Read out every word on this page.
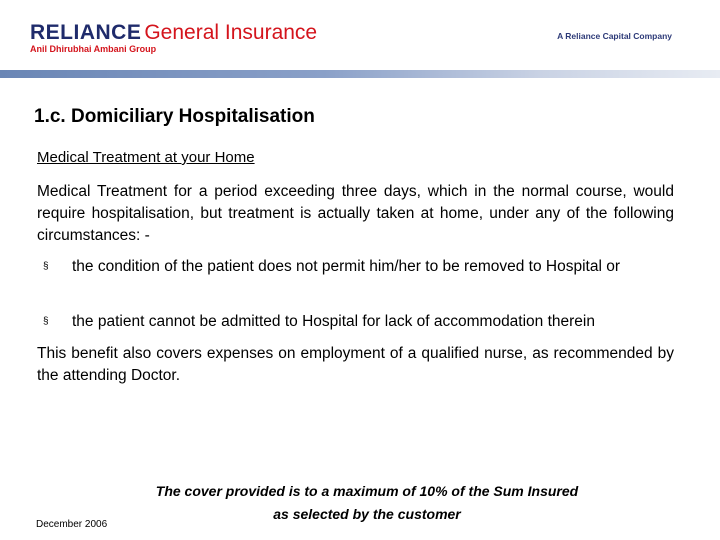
RELIANCE General Insurance
Anil Dhirubhai Ambani Group
A Reliance Capital Company
1.c. Domiciliary Hospitalisation
Medical Treatment at your Home
Medical Treatment for a period exceeding three days, which in the normal course, would require hospitalisation, but treatment is actually taken at home, under any of the following circumstances: -
§ the condition of the patient does not permit him/her to be removed to Hospital or
§ the patient cannot be admitted to Hospital for lack of accommodation therein
This benefit also covers expenses on employment of a qualified nurse, as recommended by the attending Doctor.
The cover provided is to a maximum of 10% of the Sum Insured
as selected by the customer
December 2006
